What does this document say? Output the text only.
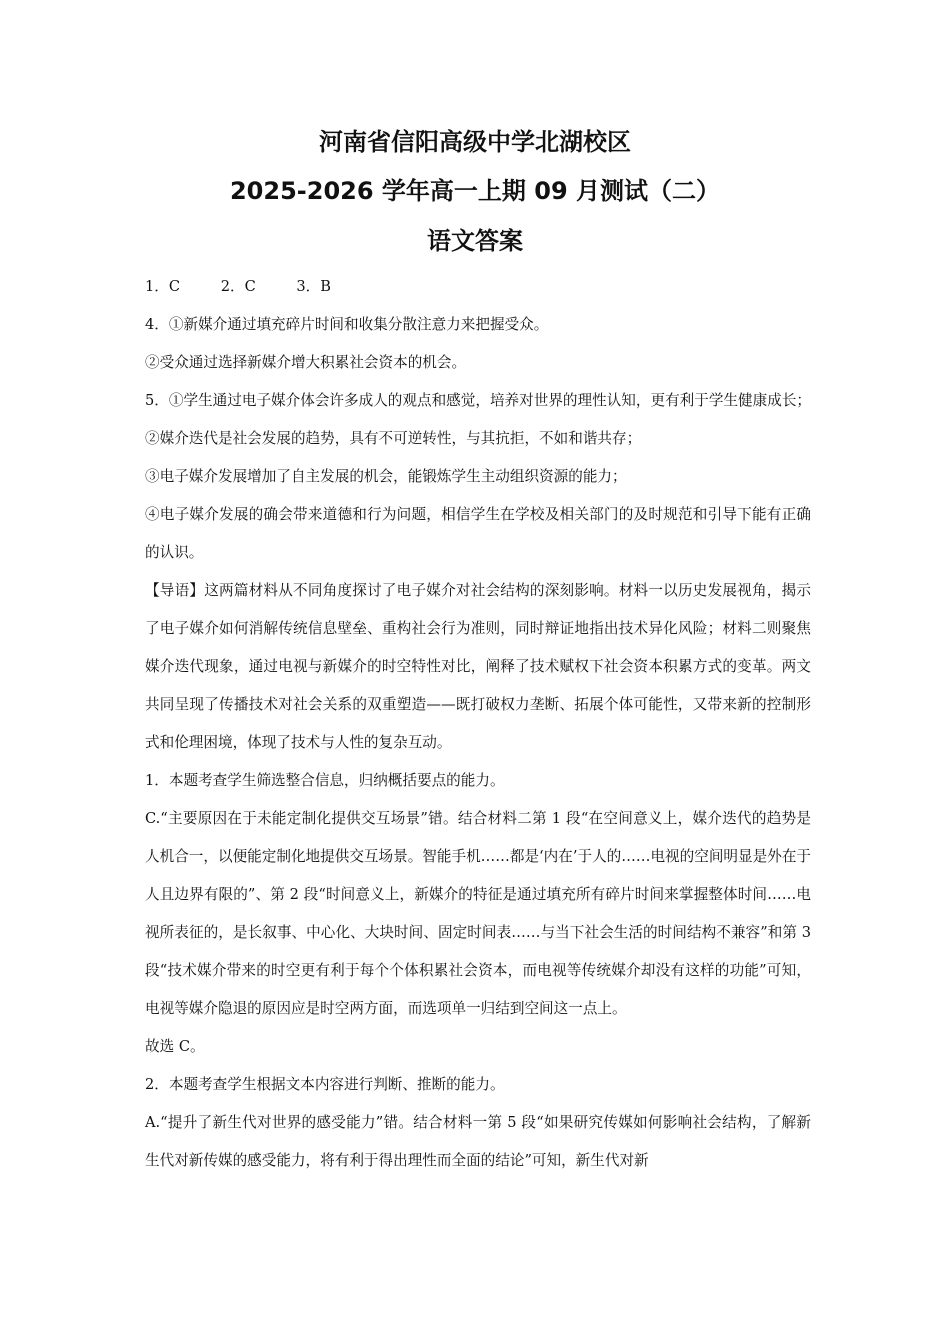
河南省信阳高级中学北湖校区
2025-2026 学年高一上期 09 月测试（二）
语文答案

1．C	2．C	3．B

4．①新媒介通过填充碎片时间和收集分散注意力来把握受众。

②受众通过选择新媒介增大积累社会资本的机会。

5．①学生通过电子媒介体会许多成人的观点和感觉，培养对世界的理性认知，更有利于学生健康成长；

②媒介迭代是社会发展的趋势，具有不可逆转性，与其抗拒，不如和谐共存；

③电子媒介发展增加了自主发展的机会，能锻炼学生主动组织资源的能力；

④电子媒介发展的确会带来道德和行为问题，相信学生在学校及相关部门的及时规范和引导下能有正确的认识。

【导语】这两篇材料从不同角度探讨了电子媒介对社会结构的深刻影响。材料一以历史发展视角，揭示了电子媒介如何消解传统信息壁垒、重构社会行为准则，同时辩证地指出技术异化风险；材料二则聚焦媒介迭代现象，通过电视与新媒介的时空特性对比，阐释了技术赋权下社会资本积累方式的变革。两文共同呈现了传播技术对社会关系的双重塑造——既打破权力垄断、拓展个体可能性，又带来新的控制形式和伦理困境，体现了技术与人性的复杂互动。

1．本题考查学生筛选整合信息，归纳概括要点的能力。

C.“主要原因在于未能定制化提供交互场景”错。结合材料二第 1 段“在空间意义上，媒介迭代的趋势是人机合一，以便能定制化地提供交互场景。智能手机……都是‘内在’于人的……电视的空间明显是外在于人且边界有限的”、第 2 段“时间意义上，新媒介的特征是通过填充所有碎片时间来掌握整体时间……电视所表征的，是长叙事、中心化、大块时间、固定时间表……与当下社会生活的时间结构不兼容”和第 3 段“技术媒介带来的时空更有利于每个个体积累社会资本，而电视等传统媒介却没有这样的功能”可知，电视等媒介隐退的原因应是时空两方面，而选项单一归结到空间这一点上。

故选 C。

2．本题考查学生根据文本内容进行判断、推断的能力。

A.“提升了新生代对世界的感受能力”错。结合材料一第 5 段“如果研究传媒如何影响社会结构，了解新生代对新传媒的感受能力，将有利于得出理性而全面的结论”可知，新生代对新
